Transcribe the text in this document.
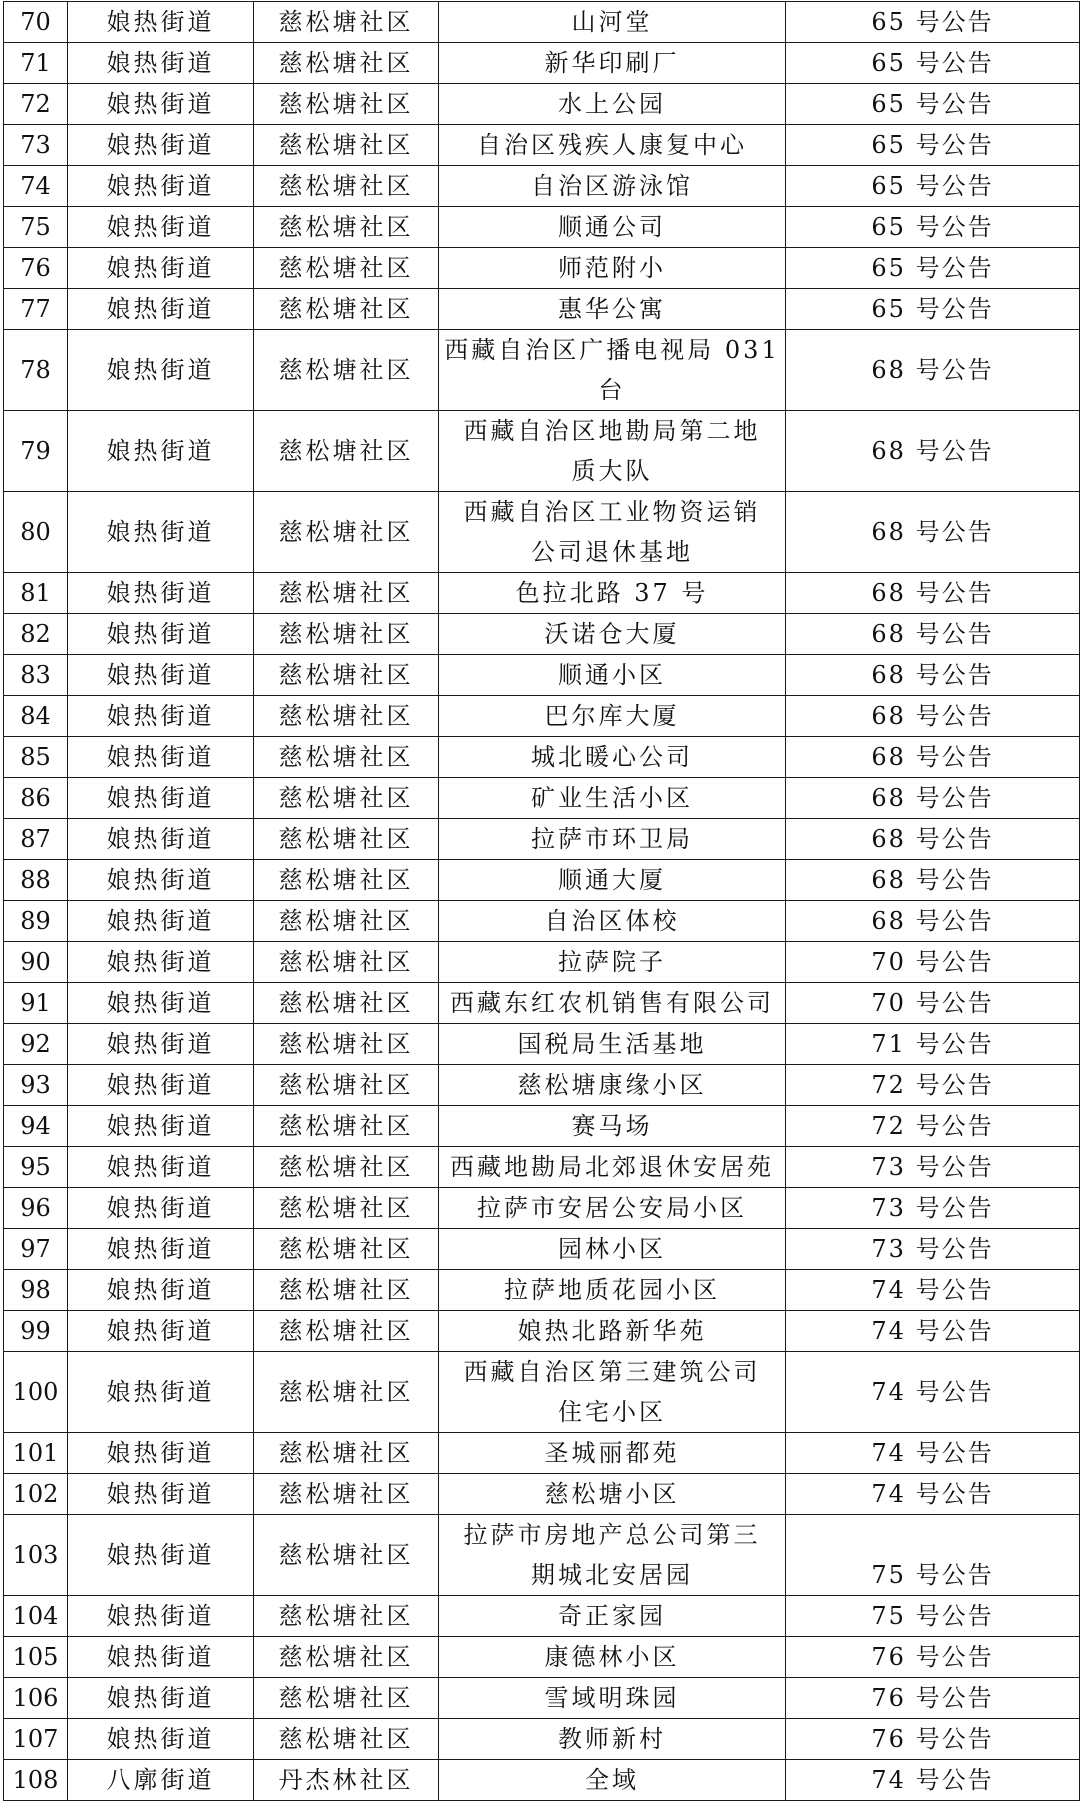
70	娘热街道	慈松塘社区	山河堂	65 号公告
71	娘热街道	慈松塘社区	新华印刷厂	65 号公告
72	娘热街道	慈松塘社区	水上公园	65 号公告
73	娘热街道	慈松塘社区	自治区残疾人康复中心	65 号公告
74	娘热街道	慈松塘社区	自治区游泳馆	65 号公告
75	娘热街道	慈松塘社区	顺通公司	65 号公告
76	娘热街道	慈松塘社区	师范附小	65 号公告
77	娘热街道	慈松塘社区	惠华公寓	65 号公告
78	娘热街道	慈松塘社区	西藏自治区广播电视局 031 台	68 号公告
79	娘热街道	慈松塘社区	西藏自治区地勘局第二地质大队	68 号公告
80	娘热街道	慈松塘社区	西藏自治区工业物资运销公司退休基地	68 号公告
81	娘热街道	慈松塘社区	色拉北路 37 号	68 号公告
82	娘热街道	慈松塘社区	沃诺仓大厦	68 号公告
83	娘热街道	慈松塘社区	顺通小区	68 号公告
84	娘热街道	慈松塘社区	巴尔库大厦	68 号公告
85	娘热街道	慈松塘社区	城北暖心公司	68 号公告
86	娘热街道	慈松塘社区	矿业生活小区	68 号公告
87	娘热街道	慈松塘社区	拉萨市环卫局	68 号公告
88	娘热街道	慈松塘社区	顺通大厦	68 号公告
89	娘热街道	慈松塘社区	自治区体校	68 号公告
90	娘热街道	慈松塘社区	拉萨院子	70 号公告
91	娘热街道	慈松塘社区	西藏东红农机销售有限公司	70 号公告
92	娘热街道	慈松塘社区	国税局生活基地	71 号公告
93	娘热街道	慈松塘社区	慈松塘康缘小区	72 号公告
94	娘热街道	慈松塘社区	赛马场	72 号公告
95	娘热街道	慈松塘社区	西藏地勘局北郊退休安居苑	73 号公告
96	娘热街道	慈松塘社区	拉萨市安居公安局小区	73 号公告
97	娘热街道	慈松塘社区	园林小区	73 号公告
98	娘热街道	慈松塘社区	拉萨地质花园小区	74 号公告
99	娘热街道	慈松塘社区	娘热北路新华苑	74 号公告
100	娘热街道	慈松塘社区	西藏自治区第三建筑公司住宅小区	74 号公告
101	娘热街道	慈松塘社区	圣城丽都苑	74 号公告
102	娘热街道	慈松塘社区	慈松塘小区	74 号公告
103	娘热街道	慈松塘社区	拉萨市房地产总公司第三期城北安居园	75 号公告
104	娘热街道	慈松塘社区	奇正家园	75 号公告
105	娘热街道	慈松塘社区	康德林小区	76 号公告
106	娘热街道	慈松塘社区	雪域明珠园	76 号公告
107	娘热街道	慈松塘社区	教师新村	76 号公告
108	八廓街道	丹杰林社区	全域	74 号公告
